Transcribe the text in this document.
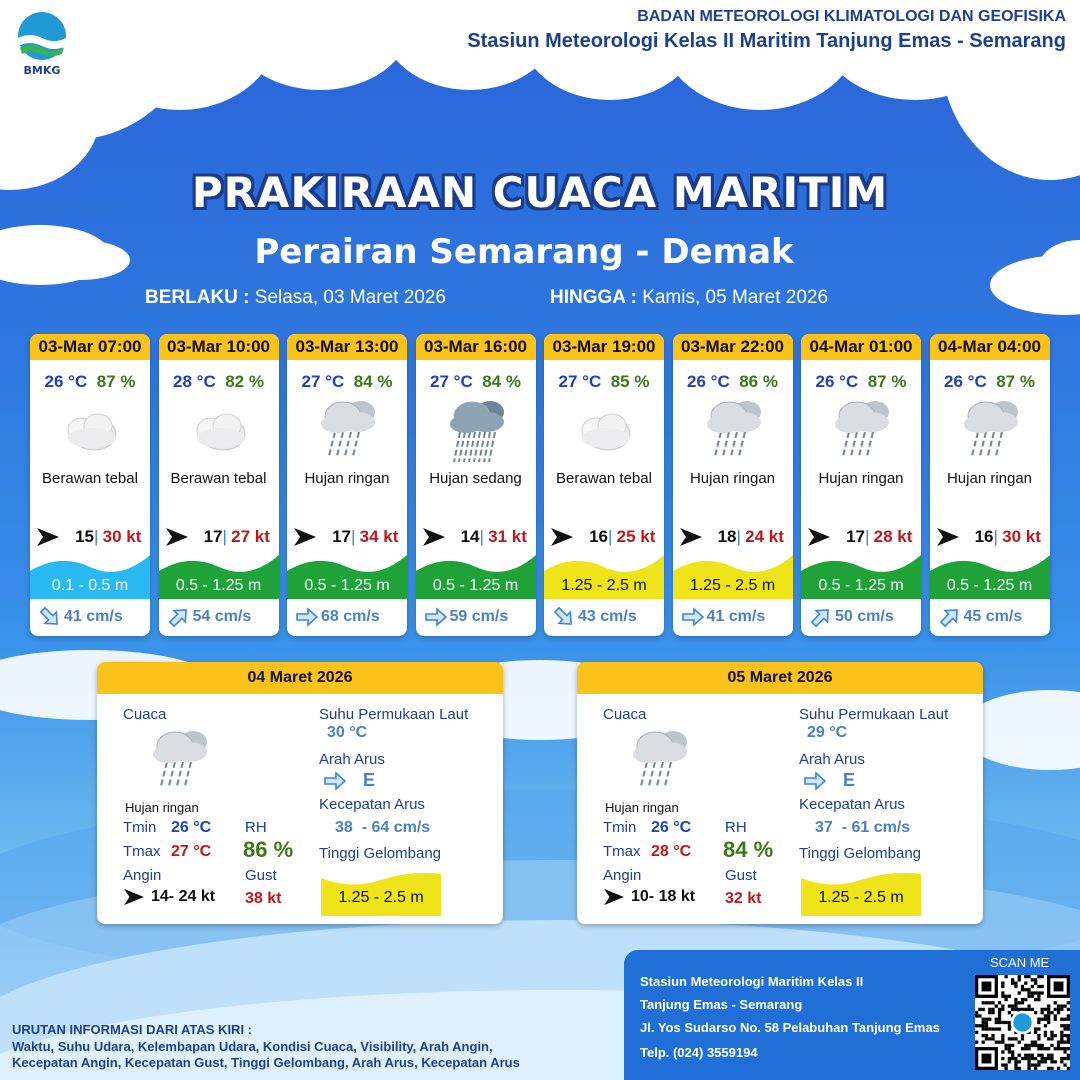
BMKG
BADAN METEOROLOGI KLIMATOLOGI DAN GEOFISIKA
Stasiun Meteorologi Kelas II Maritim Tanjung Emas - Semarang
PRAKIRAAN CUACA MARITIM
Perairan Semarang - Demak
BERLAKU : Selasa, 03 Maret 2026	HINGGA : Kamis, 05 Maret 2026
03-Mar 07:00
26 °C 87 %
Berawan tebal
15 | 30 kt
0.1 - 0.5 m
41 cm/s
03-Mar 10:00
28 °C 82 %
Berawan tebal
17 | 27 kt
0.5 - 1.25 m
54 cm/s
03-Mar 13:00
27 °C 84 %
Hujan ringan
17 | 34 kt
0.5 - 1.25 m
68 cm/s
03-Mar 16:00
27 °C 84 %
Hujan sedang
14 | 31 kt
0.5 - 1.25 m
59 cm/s
03-Mar 19:00
27 °C 85 %
Berawan tebal
16 | 25 kt
1.25 - 2.5 m
43 cm/s
03-Mar 22:00
26 °C 86 %
Hujan ringan
18 | 24 kt
1.25 - 2.5 m
41 cm/s
04-Mar 01:00
26 °C 87 %
Hujan ringan
17 | 28 kt
0.5 - 1.25 m
50 cm/s
04-Mar 04:00
26 °C 87 %
Hujan ringan
16 | 30 kt
0.5 - 1.25 m
45 cm/s
04 Maret 2026
Cuaca
Hujan ringan
Tmin 26 °C
Tmax 27 °C
RH
86 %
Angin
14- 24 kt
Gust
38 kt
Suhu Permukaan Laut
30 °C
Arah Arus
E
Kecepatan Arus
38  - 64 cm/s
Tinggi Gelombang
1.25 - 2.5 m
05 Maret 2026
Cuaca
Hujan ringan
Tmin 26 °C
Tmax 28 °C
RH
84 %
Angin
10- 18 kt
Gust
32 kt
Suhu Permukaan Laut
29 °C
Arah Arus
E
Kecepatan Arus
37  - 61 cm/s
Tinggi Gelombang
1.25 - 2.5 m
URUTAN INFORMASI DARI ATAS KIRI :
Waktu, Suhu Udara, Kelembapan Udara, Kondisi Cuaca, Visibility, Arah Angin,
Kecepatan Angin, Kecepatan Gust, Tinggi Gelombang, Arah Arus, Kecepatan Arus
Stasiun Meteorologi Maritim Kelas II
Tanjung Emas - Semarang
Jl. Yos Sudarso No. 58 Pelabuhan Tanjung Emas
Telp. (024) 3559194
SCAN ME
